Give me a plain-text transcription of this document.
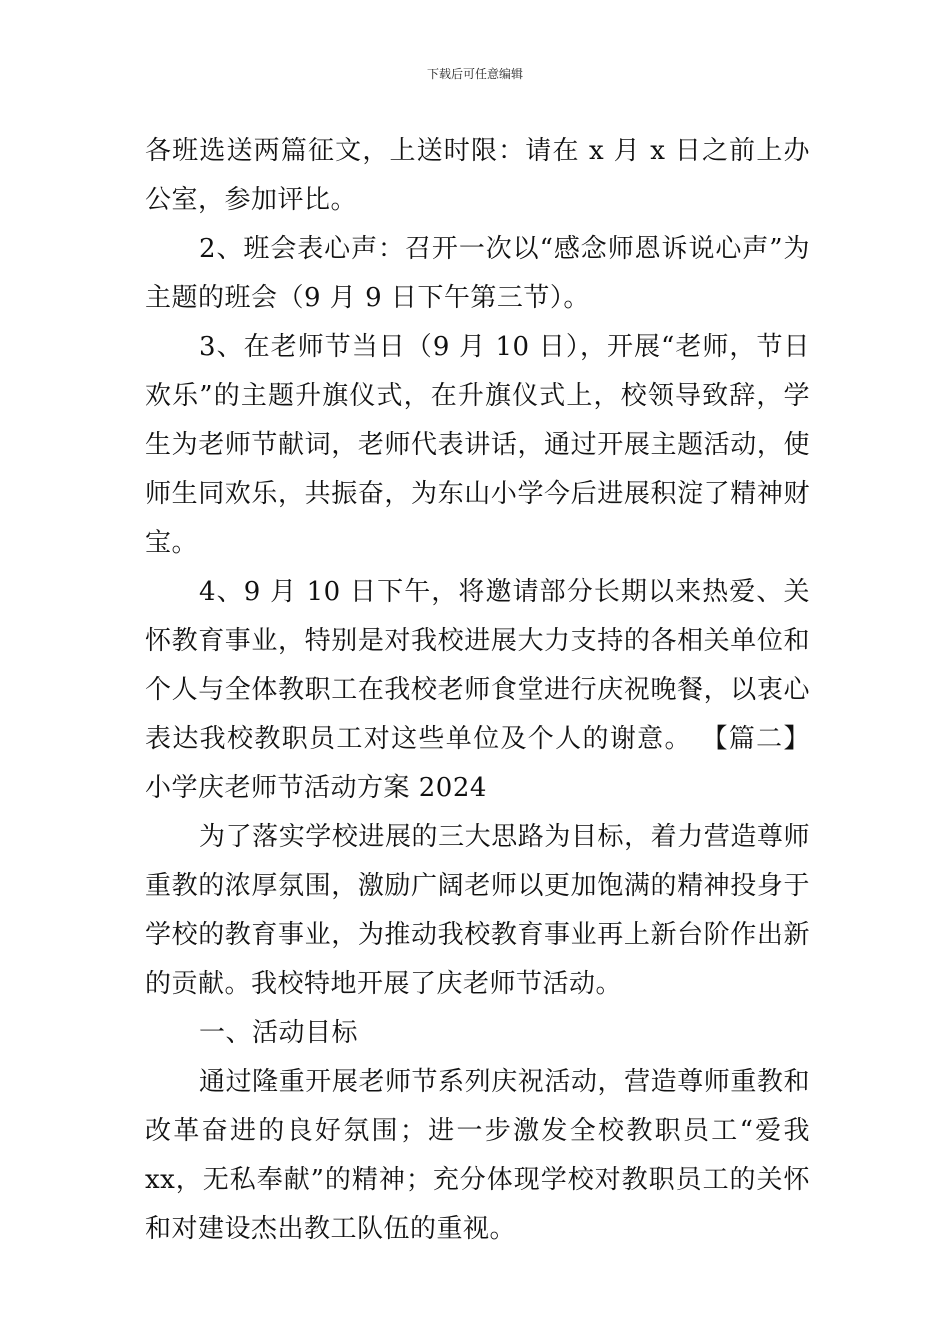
下载后可任意编辑

各班选送两篇征文，上送时限：请在 x 月 x 日之前上办公室，参加评比。

2、班会表心声：召开一次以“感念师恩诉说心声”为主题的班会（9 月 9 日下午第三节）。

3、在老师节当日（9 月 10 日），开展“老师，节日欢乐”的主题升旗仪式，在升旗仪式上，校领导致辞，学生为老师节献词，老师代表讲话，通过开展主题活动，使师生同欢乐，共振奋，为东山小学今后进展积淀了精神财宝。

4、9 月 10 日下午，将邀请部分长期以来热爱、关怀教育事业，特别是对我校进展大力支持的各相关单位和个人与全体教职工在我校老师食堂进行庆祝晚餐，以衷心表达我校教职员工对这些单位及个人的谢意。 【篇二】小学庆老师节活动方案 2024

为了落实学校进展的三大思路为目标，着力营造尊师重教的浓厚氛围，激励广阔老师以更加饱满的精神投身于学校的教育事业，为推动我校教育事业再上新台阶作出新的贡献。我校特地开展了庆老师节活动。

一、活动目标

通过隆重开展老师节系列庆祝活动，营造尊师重教和改革奋进的良好氛围；进一步激发全校教职员工“爱我 xx，无私奉献”的精神；充分体现学校对教职员工的关怀和对建设杰出教工队伍的重视。
